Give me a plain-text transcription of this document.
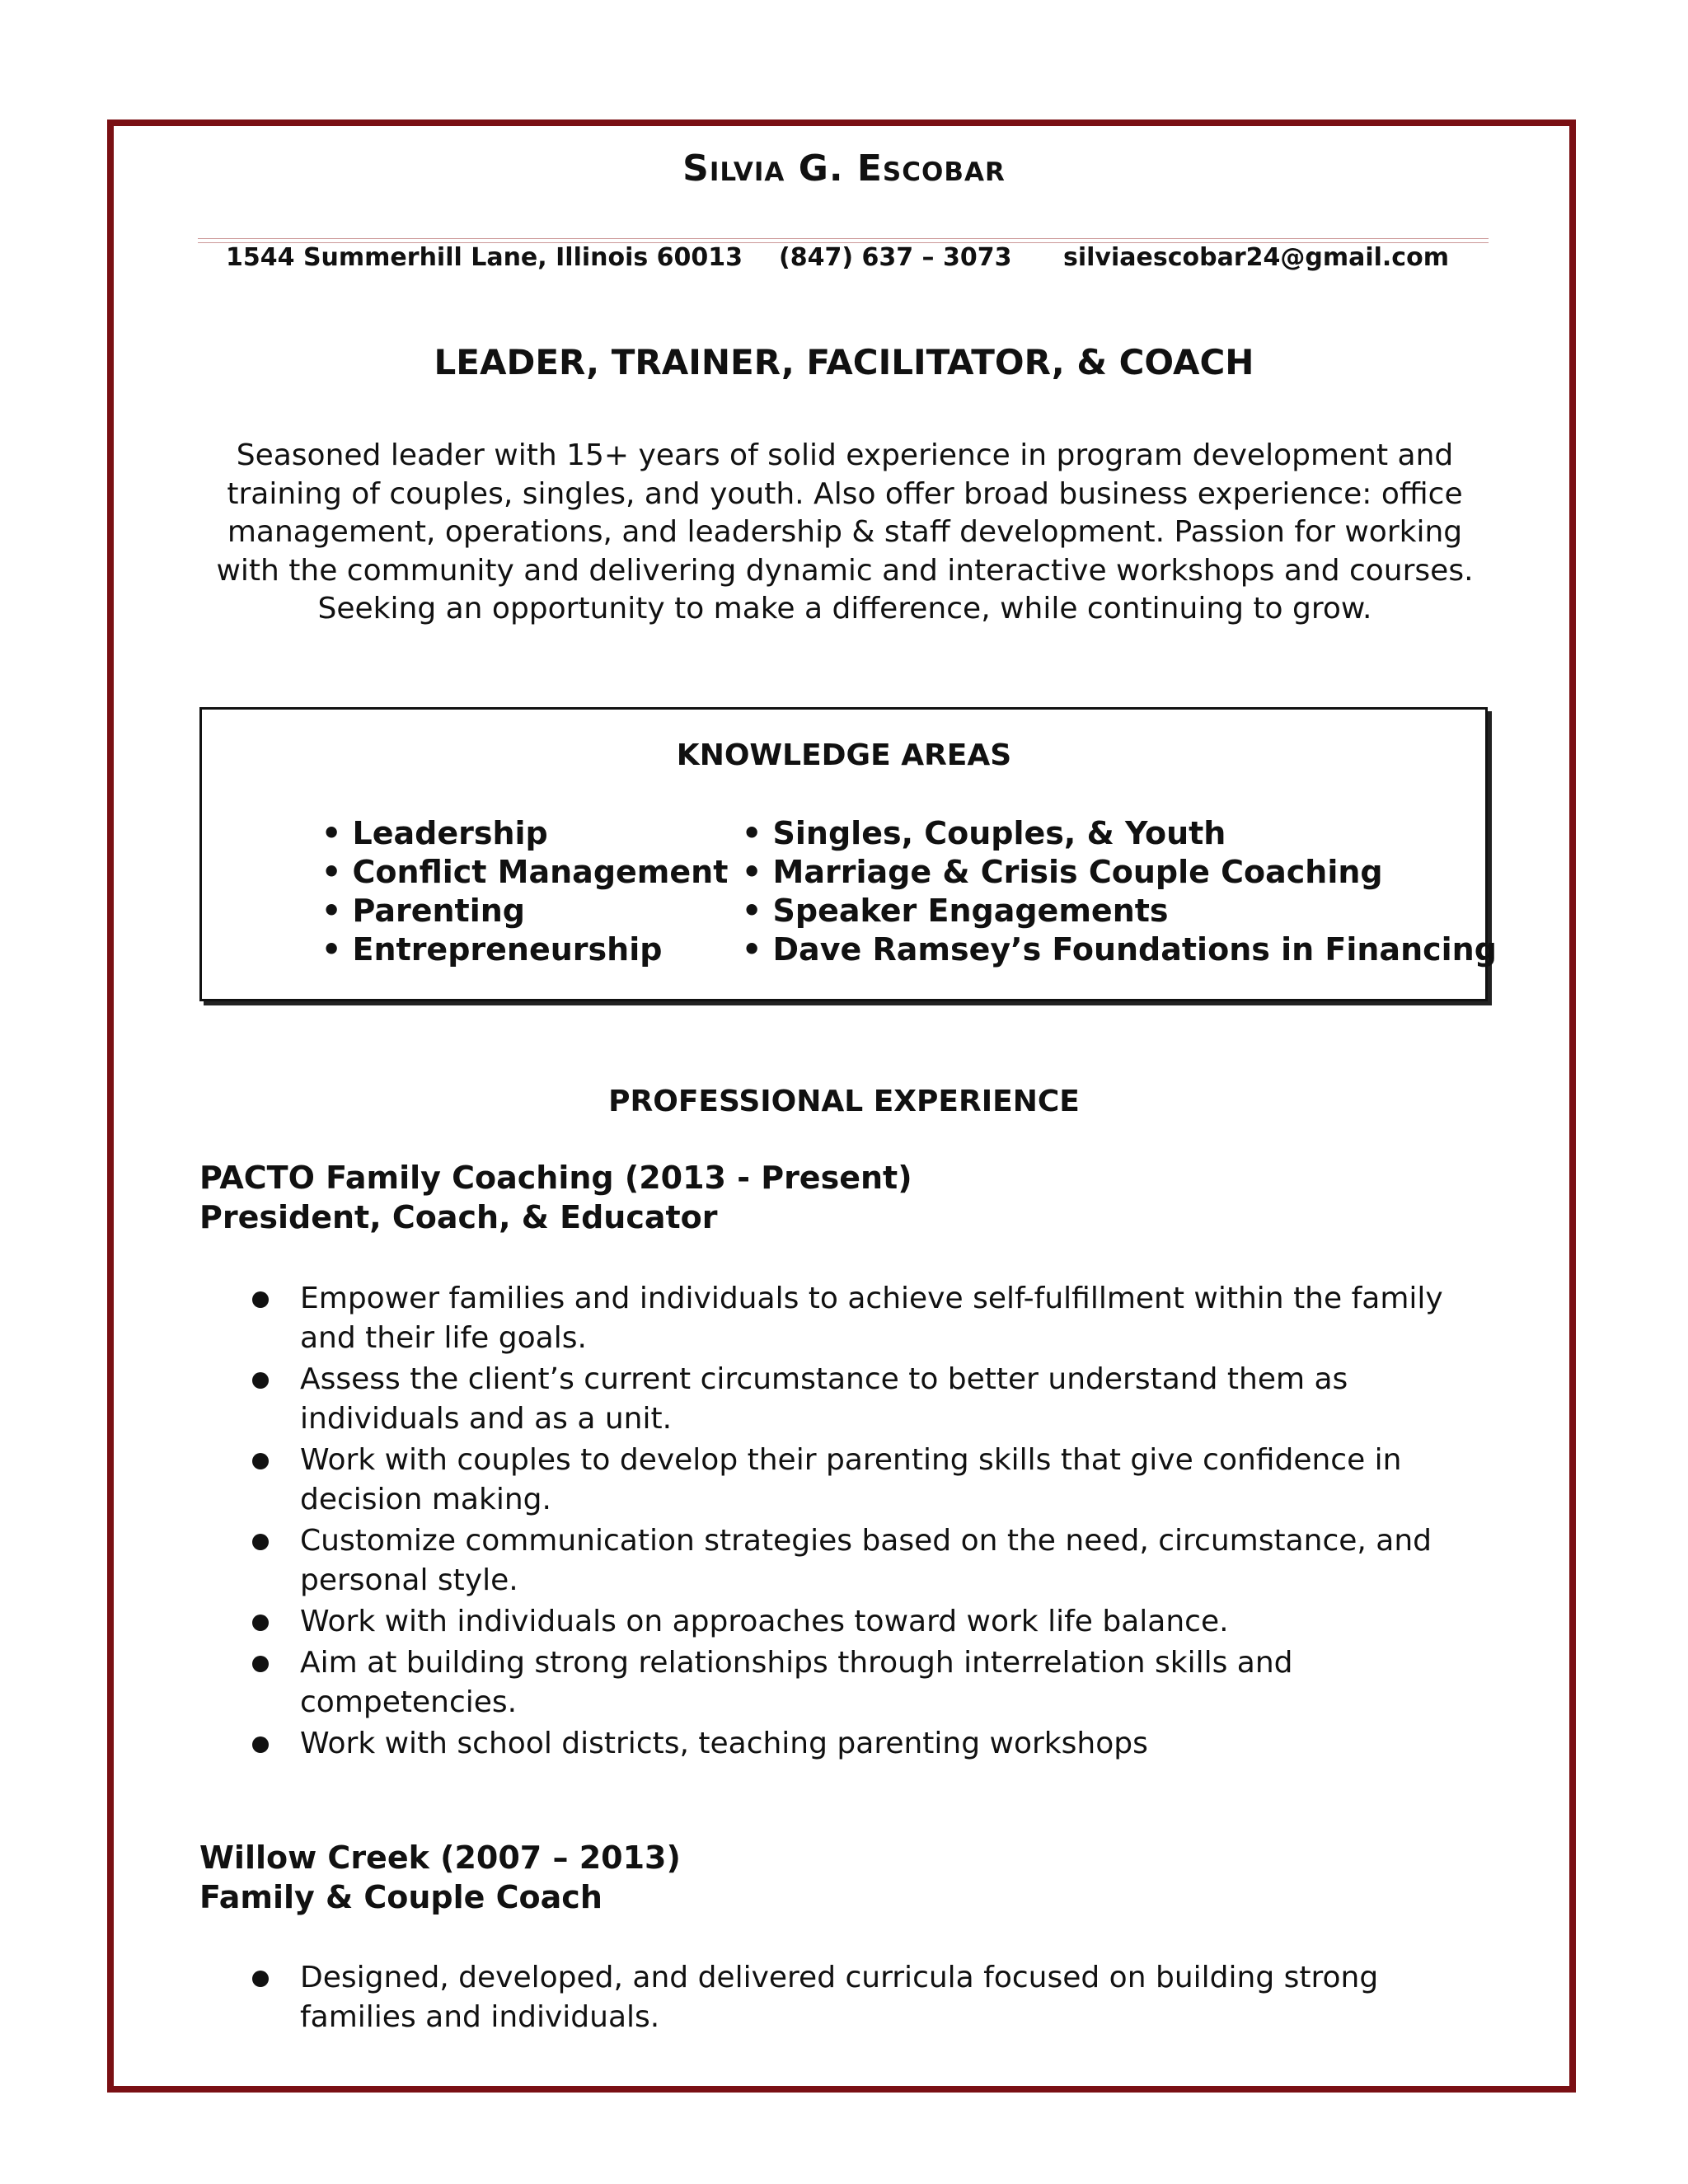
Silvia G. Escobar
1544 Summerhill Lane, Illinois 60013 (847) 637 – 3073 silviaescobar24@gmail.com
LEADER, TRAINER, FACILITATOR, & COACH
Seasoned leader with 15+ years of solid experience in program development and training of couples, singles, and youth. Also offer broad business experience: office management, operations, and leadership & staff development. Passion for working with the community and delivering dynamic and interactive workshops and courses. Seeking an opportunity to make a difference, while continuing to grow.
KNOWLEDGE AREAS
• Leadership
• Conflict Management
• Parenting
• Entrepreneurship
• Singles, Couples, & Youth
• Marriage & Crisis Couple Coaching
• Speaker Engagements
• Dave Ramsey’s Foundations in Financing
PROFESSIONAL EXPERIENCE
PACTO Family Coaching (2013 - Present)
President, Coach, & Educator
Empower families and individuals to achieve self-fulfillment within the family and their life goals.
Assess the client’s current circumstance to better understand them as individuals and as a unit.
Work with couples to develop their parenting skills that give confidence in decision making.
Customize communication strategies based on the need, circumstance, and personal style.
Work with individuals on approaches toward work life balance.
Aim at building strong relationships through interrelation skills and competencies.
Work with school districts, teaching parenting workshops
Willow Creek (2007 – 2013)
Family & Couple Coach
Designed, developed, and delivered curricula focused on building strong families and individuals.
